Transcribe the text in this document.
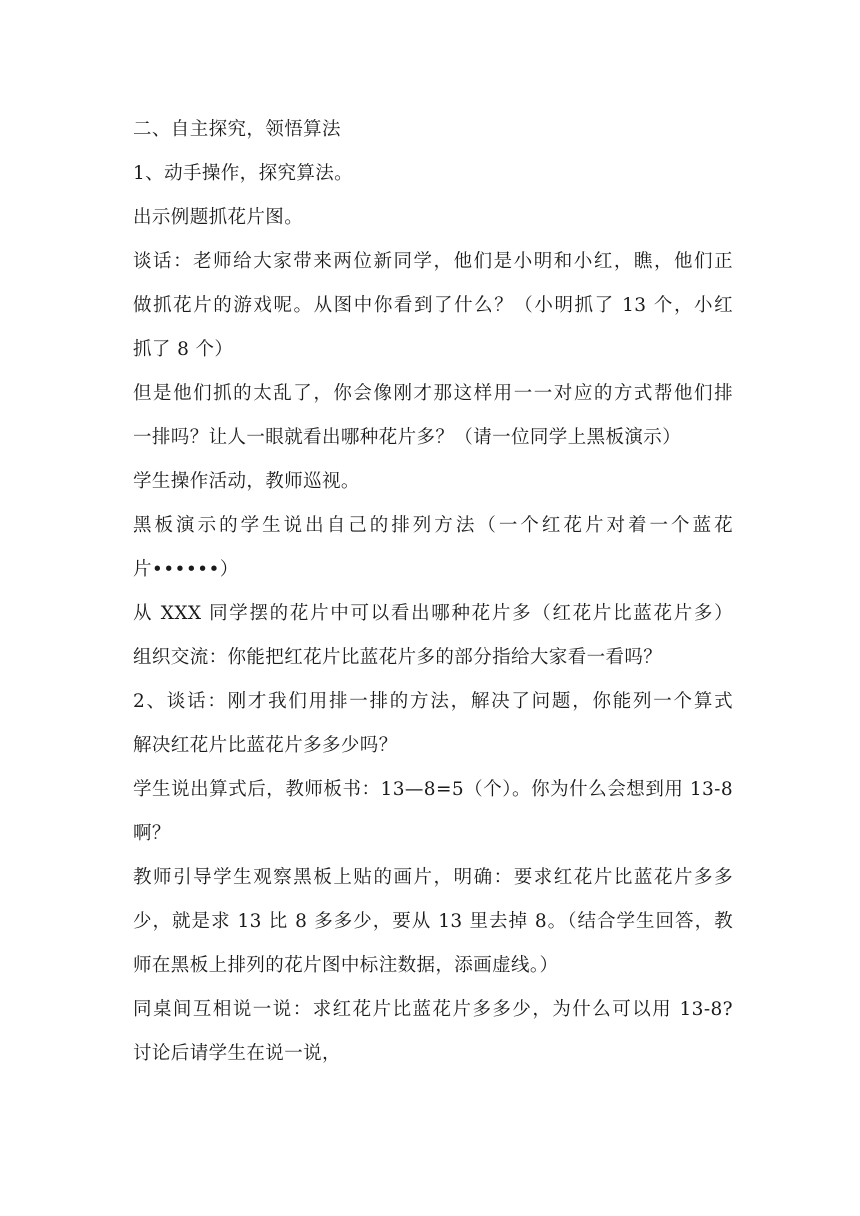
二、自主探究，领悟算法
1、动手操作，探究算法。
出示例题抓花片图。
谈话：老师给大家带来两位新同学，他们是小明和小红，瞧，他们正
做抓花片的游戏呢。从图中你看到了什么？（小明抓了 13 个，小红
抓了 8 个）
但是他们抓的太乱了，你会像刚才那这样用一一对应的方式帮他们排
一排吗？让人一眼就看出哪种花片多？（请一位同学上黑板演示）
学生操作活动，教师巡视。
黑板演示的学生说出自己的排列方法（一个红花片对着一个蓝花
片••••••）
从 XXX 同学摆的花片中可以看出哪种花片多（红花片比蓝花片多）
组织交流：你能把红花片比蓝花片多的部分指给大家看一看吗？
2、谈话：刚才我们用排一排的方法，解决了问题，你能列一个算式
解决红花片比蓝花片多多少吗？
学生说出算式后，教师板书：13—8=5（个）。你为什么会想到用 13-8
啊？
教师引导学生观察黑板上贴的画片，明确：要求红花片比蓝花片多多
少，就是求 13 比 8 多多少，要从 13 里去掉 8。（结合学生回答，教
师在黑板上排列的花片图中标注数据，添画虚线。）
同桌间互相说一说：求红花片比蓝花片多多少，为什么可以用 13-8?
讨论后请学生在说一说，
